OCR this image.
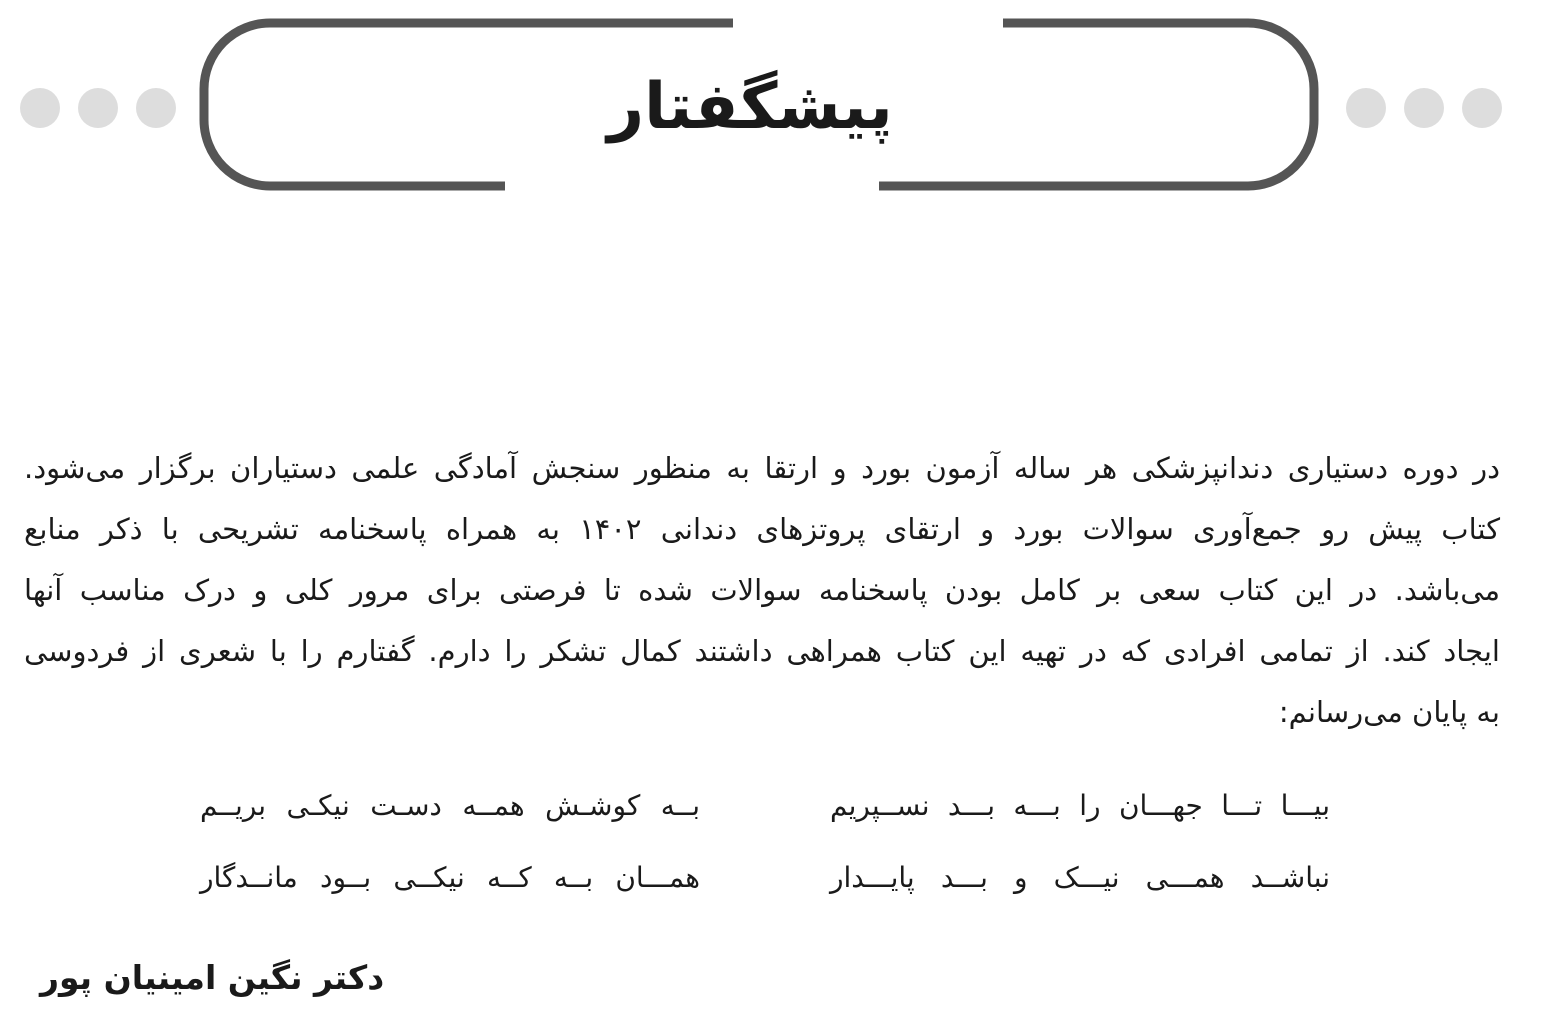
پیشگفتار
در دوره دستیاری دندانپزشکی هر ساله آزمون بورد و ارتقا به منظور سنجش آمادگی علمی دستیاران برگزار می‌شود.
کتاب پیش رو جمع‌آوری سوالات بورد و ارتقای پروتزهای دندانی ۱۴۰۲ به همراه پاسخنامه تشریحی با ذکر منابع
می‌باشد. در این کتاب سعی بر کامل بودن پاسخنامه سوالات شده تا فرصتی برای مرور کلی و درک مناسب آنها
ایجاد کند. از تمامی افرادی که در تهیه این کتاب همراهی داشتند کمال تشکر را دارم. گفتارم را با شعری از فردوسی
به پایان می‌رسانم:
بیـــا تـــا جهـــان را بـــه بـــد نســپریم
بــه کوشـش همــه دسـت نیکـی بریــم
نباشــد همـــی نیـــک و بـــد پایـــدار
همـــان بــه کــه نیکــی بــود مانــدگار
دکتر نگین امینیان پور
